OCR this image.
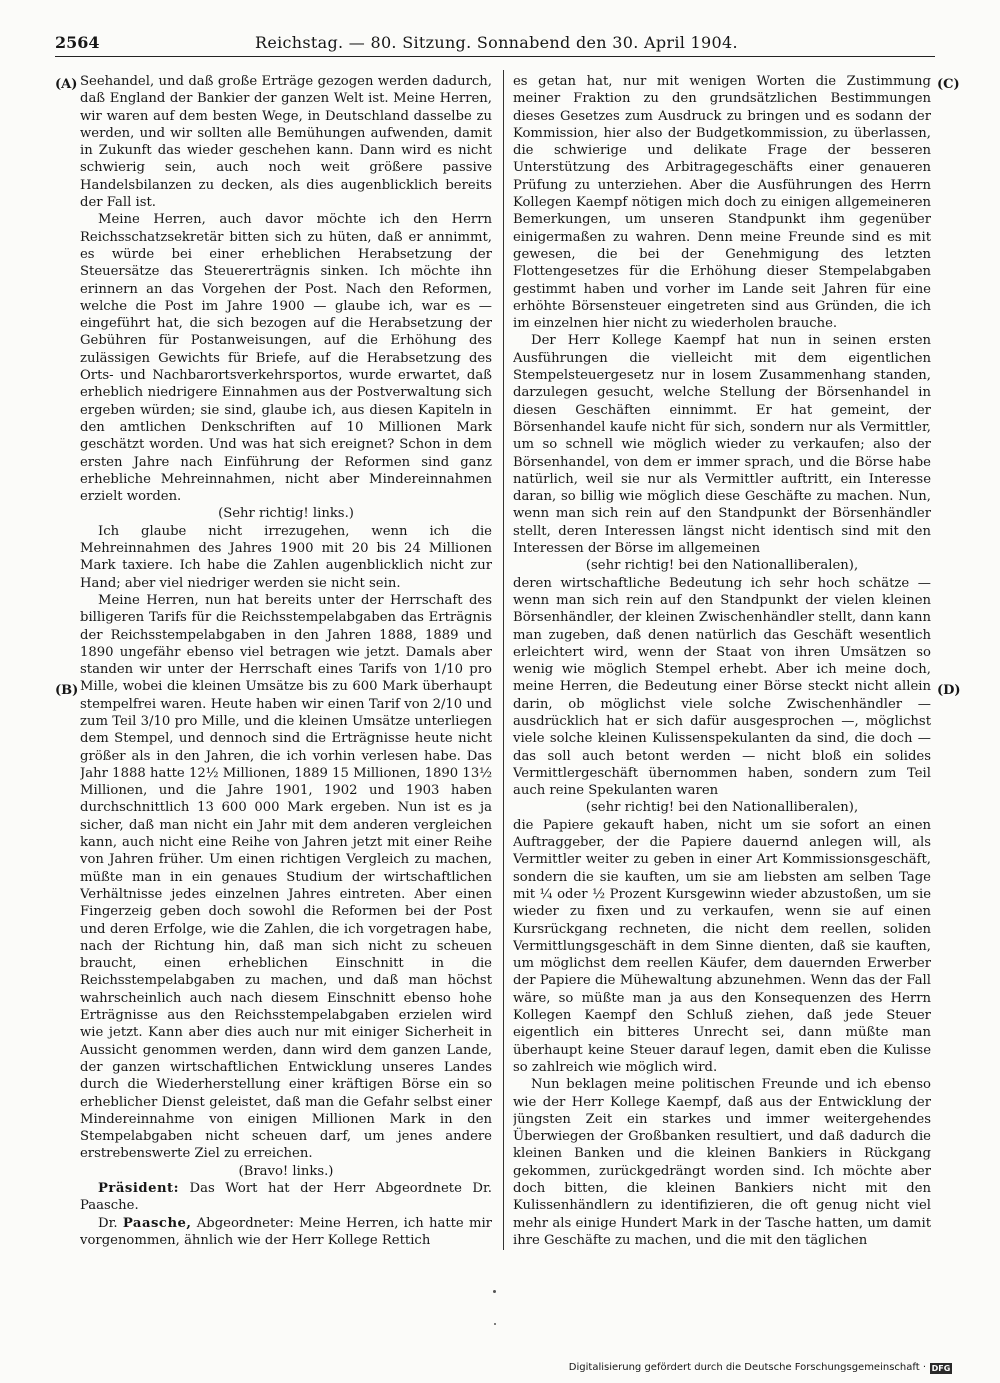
2564	Reichstag. — 80. Sitzung. Sonnabend den 30. April 1904.
(A)
(B)
(C)
(D)

Seehandel, und daß große Erträge gezogen werden dadurch, daß England der Bankier der ganzen Welt ist. Meine Herren, wir waren auf dem besten Wege, in Deutschland dasselbe zu werden, und wir sollten alle Bemühungen aufwenden, damit in Zukunft das wieder geschehen kann. Dann wird es nicht schwierig sein, auch noch weit größere passive Handelsbilanzen zu decken, als dies augenblicklich bereits der Fall ist.

Meine Herren, auch davor möchte ich den Herrn Reichsschatzsekretär bitten sich zu hüten, daß er annimmt, es würde bei einer erheblichen Herabsetzung der Steuersätze das Steuererträgnis sinken. Ich möchte ihn erinnern an das Vorgehen der Post. Nach den Reformen, welche die Post im Jahre 1900 — glaube ich, war es — eingeführt hat, die sich bezogen auf die Herabsetzung der Gebühren für Postanweisungen, auf die Erhöhung des zulässigen Gewichts für Briefe, auf die Herabsetzung des Orts- und Nachbarortsverkehrsportos, wurde erwartet, daß erheblich niedrigere Einnahmen aus der Postverwaltung sich ergeben würden; sie sind, glaube ich, aus diesen Kapiteln in den amtlichen Denkschriften auf 10 Millionen Mark geschätzt worden. Und was hat sich ereignet? Schon in dem ersten Jahre nach Einführung der Reformen sind ganz erhebliche Mehreinnahmen, nicht aber Mindereinnahmen erzielt worden.

(Sehr richtig! links.)

Ich glaube nicht irrezugehen, wenn ich die Mehreinnahmen des Jahres 1900 mit 20 bis 24 Millionen Mark taxiere. Ich habe die Zahlen augenblicklich nicht zur Hand; aber viel niedriger werden sie nicht sein.

Meine Herren, nun hat bereits unter der Herrschaft des billigeren Tarifs für die Reichsstempelabgaben das Erträgnis der Reichsstempelabgaben in den Jahren 1888, 1889 und 1890 ungefähr ebenso viel betragen wie jetzt. Damals aber standen wir unter der Herrschaft eines Tarifs von 1/10 pro Mille, wobei die kleinen Umsätze bis zu 600 Mark überhaupt stempelfrei waren. Heute haben wir einen Tarif von 2/10 und zum Teil 3/10 pro Mille, und die kleinen Umsätze unterliegen dem Stempel, und dennoch sind die Erträgnisse heute nicht größer als in den Jahren, die ich vorhin verlesen habe. Das Jahr 1888 hatte 12½ Millionen, 1889 15 Millionen, 1890 13½ Millionen, und die Jahre 1901, 1902 und 1903 haben durchschnittlich 13 600 000 Mark ergeben. Nun ist es ja sicher, daß man nicht ein Jahr mit dem anderen vergleichen kann, auch nicht eine Reihe von Jahren jetzt mit einer Reihe von Jahren früher. Um einen richtigen Vergleich zu machen, müßte man in ein genaues Studium der wirtschaftlichen Verhältnisse jedes einzelnen Jahres eintreten. Aber einen Fingerzeig geben doch sowohl die Reformen bei der Post und deren Erfolge, wie die Zahlen, die ich vorgetragen habe, nach der Richtung hin, daß man sich nicht zu scheuen braucht, einen erheblichen Einschnitt in die Reichsstempelabgaben zu machen, und daß man höchst wahrscheinlich auch nach diesem Einschnitt ebenso hohe Erträgnisse aus den Reichsstempelabgaben erzielen wird wie jetzt. Kann aber dies auch nur mit einiger Sicherheit in Aussicht genommen werden, dann wird dem ganzen Lande, der ganzen wirtschaftlichen Entwicklung unseres Landes durch die Wiederherstellung einer kräftigen Börse ein so erheblicher Dienst geleistet, daß man die Gefahr selbst einer Mindereinnahme von einigen Millionen Mark in den Stempelabgaben nicht scheuen darf, um jenes andere erstrebenswerte Ziel zu erreichen.

(Bravo! links.)

Präsident: Das Wort hat der Herr Abgeordnete Dr. Paasche.

Dr. Paasche, Abgeordneter: Meine Herren, ich hatte mir vorgenommen, ähnlich wie der Herr Kollege Rettich

es getan hat, nur mit wenigen Worten die Zustimmung meiner Fraktion zu den grundsätzlichen Bestimmungen dieses Gesetzes zum Ausdruck zu bringen und es sodann der Kommission, hier also der Budgetkommission, zu überlassen, die schwierige und delikate Frage der besseren Unterstützung des Arbitragegeschäfts einer genaueren Prüfung zu unterziehen. Aber die Ausführungen des Herrn Kollegen Kaempf nötigen mich doch zu einigen allgemeineren Bemerkungen, um unseren Standpunkt ihm gegenüber einigermaßen zu wahren. Denn meine Freunde sind es mit gewesen, die bei der Genehmigung des letzten Flottengesetzes für die Erhöhung dieser Stempelabgaben gestimmt haben und vorher im Lande seit Jahren für eine erhöhte Börsensteuer eingetreten sind aus Gründen, die ich im einzelnen hier nicht zu wiederholen brauche.

Der Herr Kollege Kaempf hat nun in seinen ersten Ausführungen die vielleicht mit dem eigentlichen Stempelsteuergesetz nur in losem Zusammenhang standen, darzulegen gesucht, welche Stellung der Börsenhandel in diesen Geschäften einnimmt. Er hat gemeint, der Börsenhandel kaufe nicht für sich, sondern nur als Vermittler, um so schnell wie möglich wieder zu verkaufen; also der Börsenhandel, von dem er immer sprach, und die Börse habe natürlich, weil sie nur als Vermittler auftritt, ein Interesse daran, so billig wie möglich diese Geschäfte zu machen. Nun, wenn man sich rein auf den Standpunkt der Börsenhändler stellt, deren Interessen längst nicht identisch sind mit den Interessen der Börse im allgemeinen

(sehr richtig! bei den Nationalliberalen),

deren wirtschaftliche Bedeutung ich sehr hoch schätze — wenn man sich rein auf den Standpunkt der vielen kleinen Börsenhändler, der kleinen Zwischenhändler stellt, dann kann man zugeben, daß denen natürlich das Geschäft wesentlich erleichtert wird, wenn der Staat von ihren Umsätzen so wenig wie möglich Stempel erhebt. Aber ich meine doch, meine Herren, die Bedeutung einer Börse steckt nicht allein darin, ob möglichst viele solche Zwischenhändler — ausdrücklich hat er sich dafür ausgesprochen —, möglichst viele solche kleinen Kulissenspekulanten da sind, die doch — das soll auch betont werden — nicht bloß ein solides Vermittlergeschäft übernommen haben, sondern zum Teil auch reine Spekulanten waren

(sehr richtig! bei den Nationalliberalen),

die Papiere gekauft haben, nicht um sie sofort an einen Auftraggeber, der die Papiere dauernd anlegen will, als Vermittler weiter zu geben in einer Art Kommissionsgeschäft, sondern die sie kauften, um sie am liebsten am selben Tage mit ¼ oder ½ Prozent Kursgewinn wieder abzustoßen, um sie wieder zu fixen und zu verkaufen, wenn sie auf einen Kursrückgang rechneten, die nicht dem reellen, soliden Vermittlungsgeschäft in dem Sinne dienten, daß sie kauften, um möglichst dem reellen Käufer, dem dauernden Erwerber der Papiere die Mühewaltung abzunehmen. Wenn das der Fall wäre, so müßte man ja aus den Konsequenzen des Herrn Kollegen Kaempf den Schluß ziehen, daß jede Steuer eigentlich ein bitteres Unrecht sei, dann müßte man überhaupt keine Steuer darauf legen, damit eben die Kulisse so zahlreich wie möglich wird.

Nun beklagen meine politischen Freunde und ich ebenso wie der Herr Kollege Kaempf, daß aus der Entwicklung der jüngsten Zeit ein starkes und immer weitergehendes Überwiegen der Großbanken resultiert, und daß dadurch die kleinen Banken und die kleinen Bankiers in Rückgang gekommen, zurückgedrängt worden sind. Ich möchte aber doch bitten, die kleinen Bankiers nicht mit den Kulissenhändlern zu identifizieren, die oft genug nicht viel mehr als einige Hundert Mark in der Tasche hatten, um damit ihre Geschäfte zu machen, und die mit den täglichen

Digitalisierung gefördert durch die Deutsche Forschungsgemeinschaft · DFG
